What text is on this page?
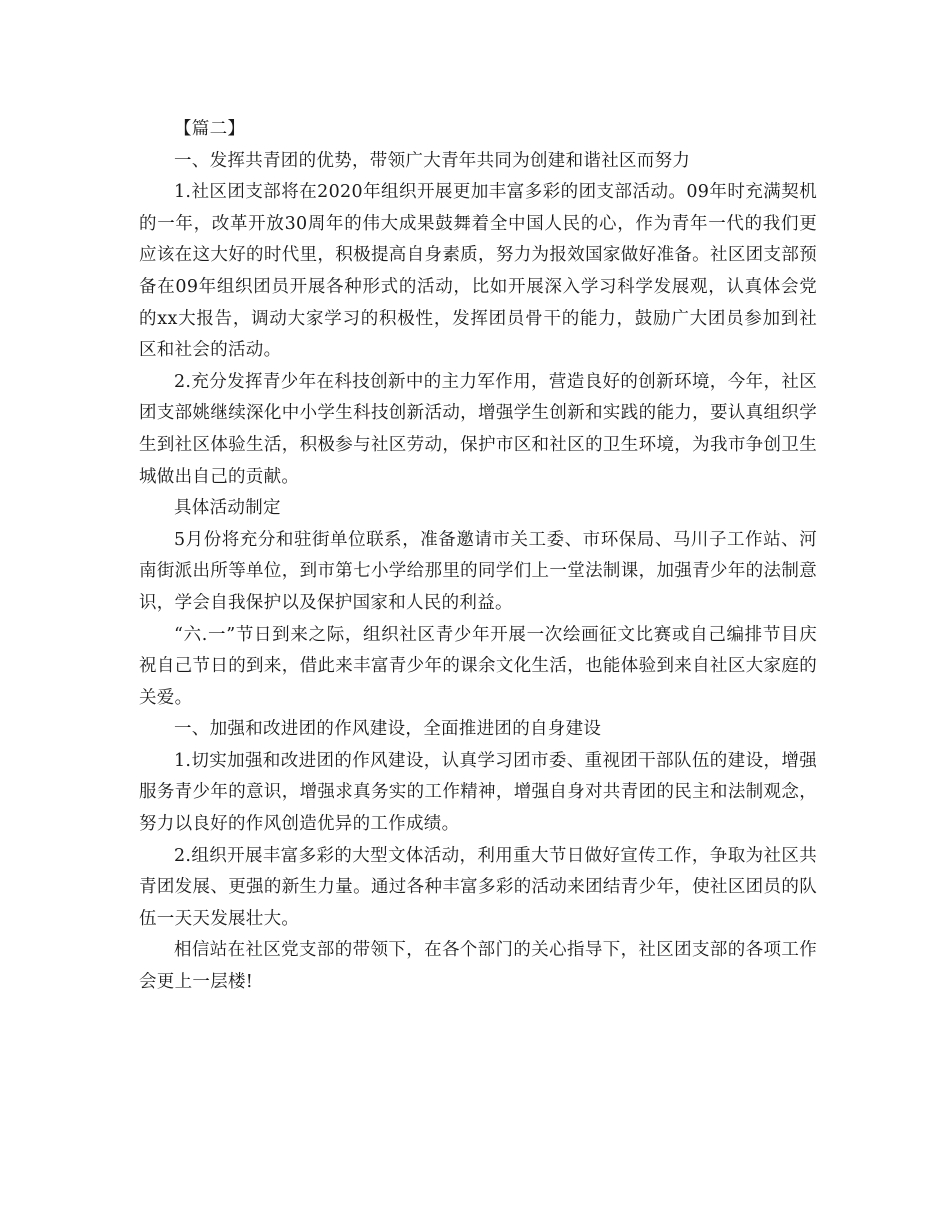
【篇二】

一、发挥共青团的优势，带领广大青年共同为创建和谐社区而努力

1.社区团支部将在2020年组织开展更加丰富多彩的团支部活动。09年时充满契机的一年，改革开放30周年的伟大成果鼓舞着全中国人民的心，作为青年一代的我们更应该在这大好的时代里，积极提高自身素质，努力为报效国家做好准备。社区团支部预备在09年组织团员开展各种形式的活动，比如开展深入学习科学发展观，认真体会党的xx大报告，调动大家学习的积极性，发挥团员骨干的能力，鼓励广大团员参加到社区和社会的活动。

2.充分发挥青少年在科技创新中的主力军作用，营造良好的创新环境，今年，社区团支部姚继续深化中小学生科技创新活动，增强学生创新和实践的能力，要认真组织学生到社区体验生活，积极参与社区劳动，保护市区和社区的卫生环境，为我市争创卫生城做出自己的贡献。

具体活动制定

5月份将充分和驻街单位联系，准备邀请市关工委、市环保局、马川子工作站、河南街派出所等单位，到市第七小学给那里的同学们上一堂法制课，加强青少年的法制意识，学会自我保护以及保护国家和人民的利益。

“六.一”节日到来之际，组织社区青少年开展一次绘画征文比赛或自己编排节目庆祝自己节日的到来，借此来丰富青少年的课余文化生活，也能体验到来自社区大家庭的关爱。

一、加强和改进团的作风建设，全面推进团的自身建设

1.切实加强和改进团的作风建设，认真学习团市委、重视团干部队伍的建设，增强服务青少年的意识，增强求真务实的工作精神，增强自身对共青团的民主和法制观念，努力以良好的作风创造优异的工作成绩。

2.组织开展丰富多彩的大型文体活动，利用重大节日做好宣传工作，争取为社区共青团发展、更强的新生力量。通过各种丰富多彩的活动来团结青少年，使社区团员的队伍一天天发展壮大。

相信站在社区党支部的带领下，在各个部门的关心指导下，社区团支部的各项工作会更上一层楼!
